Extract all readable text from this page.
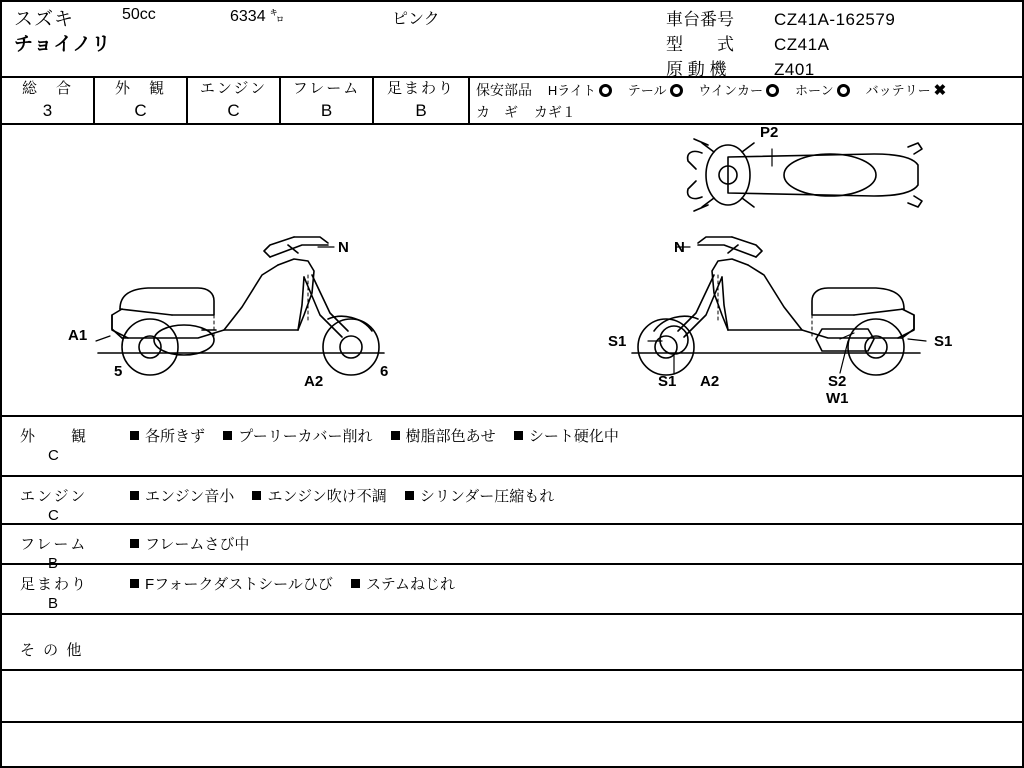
スズキ
チョイノリ
50cc	6334 ㌔	ピンク	車台番号 CZ41A-162579
型　　式 CZ41A
原 動 機	Z401
総　合
3
外　観
C
エンジン
C
フレーム
B
足まわり
B
保安部品 Hライト テール ウインカー ホーン バッテリー ✖
カ　ギ カギ１
P2
N
A1
5
A2
6
N
S1	S1
S1 A2	S2
W1
外　　観
C
各所きず プーリーカバー削れ 樹脂部色あせ シート硬化中
エンジン
C
エンジン音小 エンジン吹け不調 シリンダー圧縮もれ
フレーム
B
フレームさび中
足まわり
B
Fフォークダストシールひび ステムねじれ
そ の 他
